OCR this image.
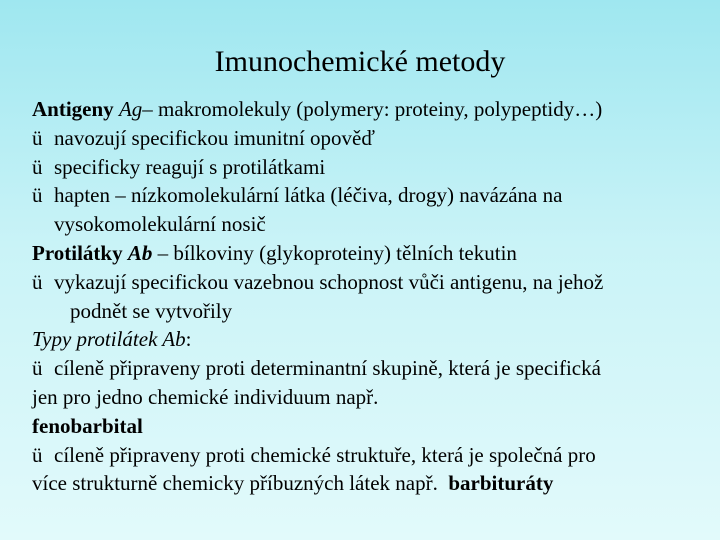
Imunochemické metody
Antigeny Ag– makromolekuly (polymery: proteiny, polypeptidy…)
ü navozují specifickou imunitní opověď
ü specificky reagují s protilátkami
ü hapten – nízkomolekulární látka (léčiva, drogy) navázána na
vysokomolekulární nosič
Protilátky Ab – bílkoviny (glykoproteiny) tělních tekutin
ü vykazují specifickou vazebnou schopnost vůči antigenu, na jehož
podnět se vytvořily
Typy protilátek Ab:
ü cíleně připraveny proti determinantní skupině, která je specifická
jen pro jedno chemické individuum např.
fenobarbital
ü cíleně připraveny proti chemické struktuře, která je společná pro
více strukturně chemicky příbuzných látek např. barbituráty
